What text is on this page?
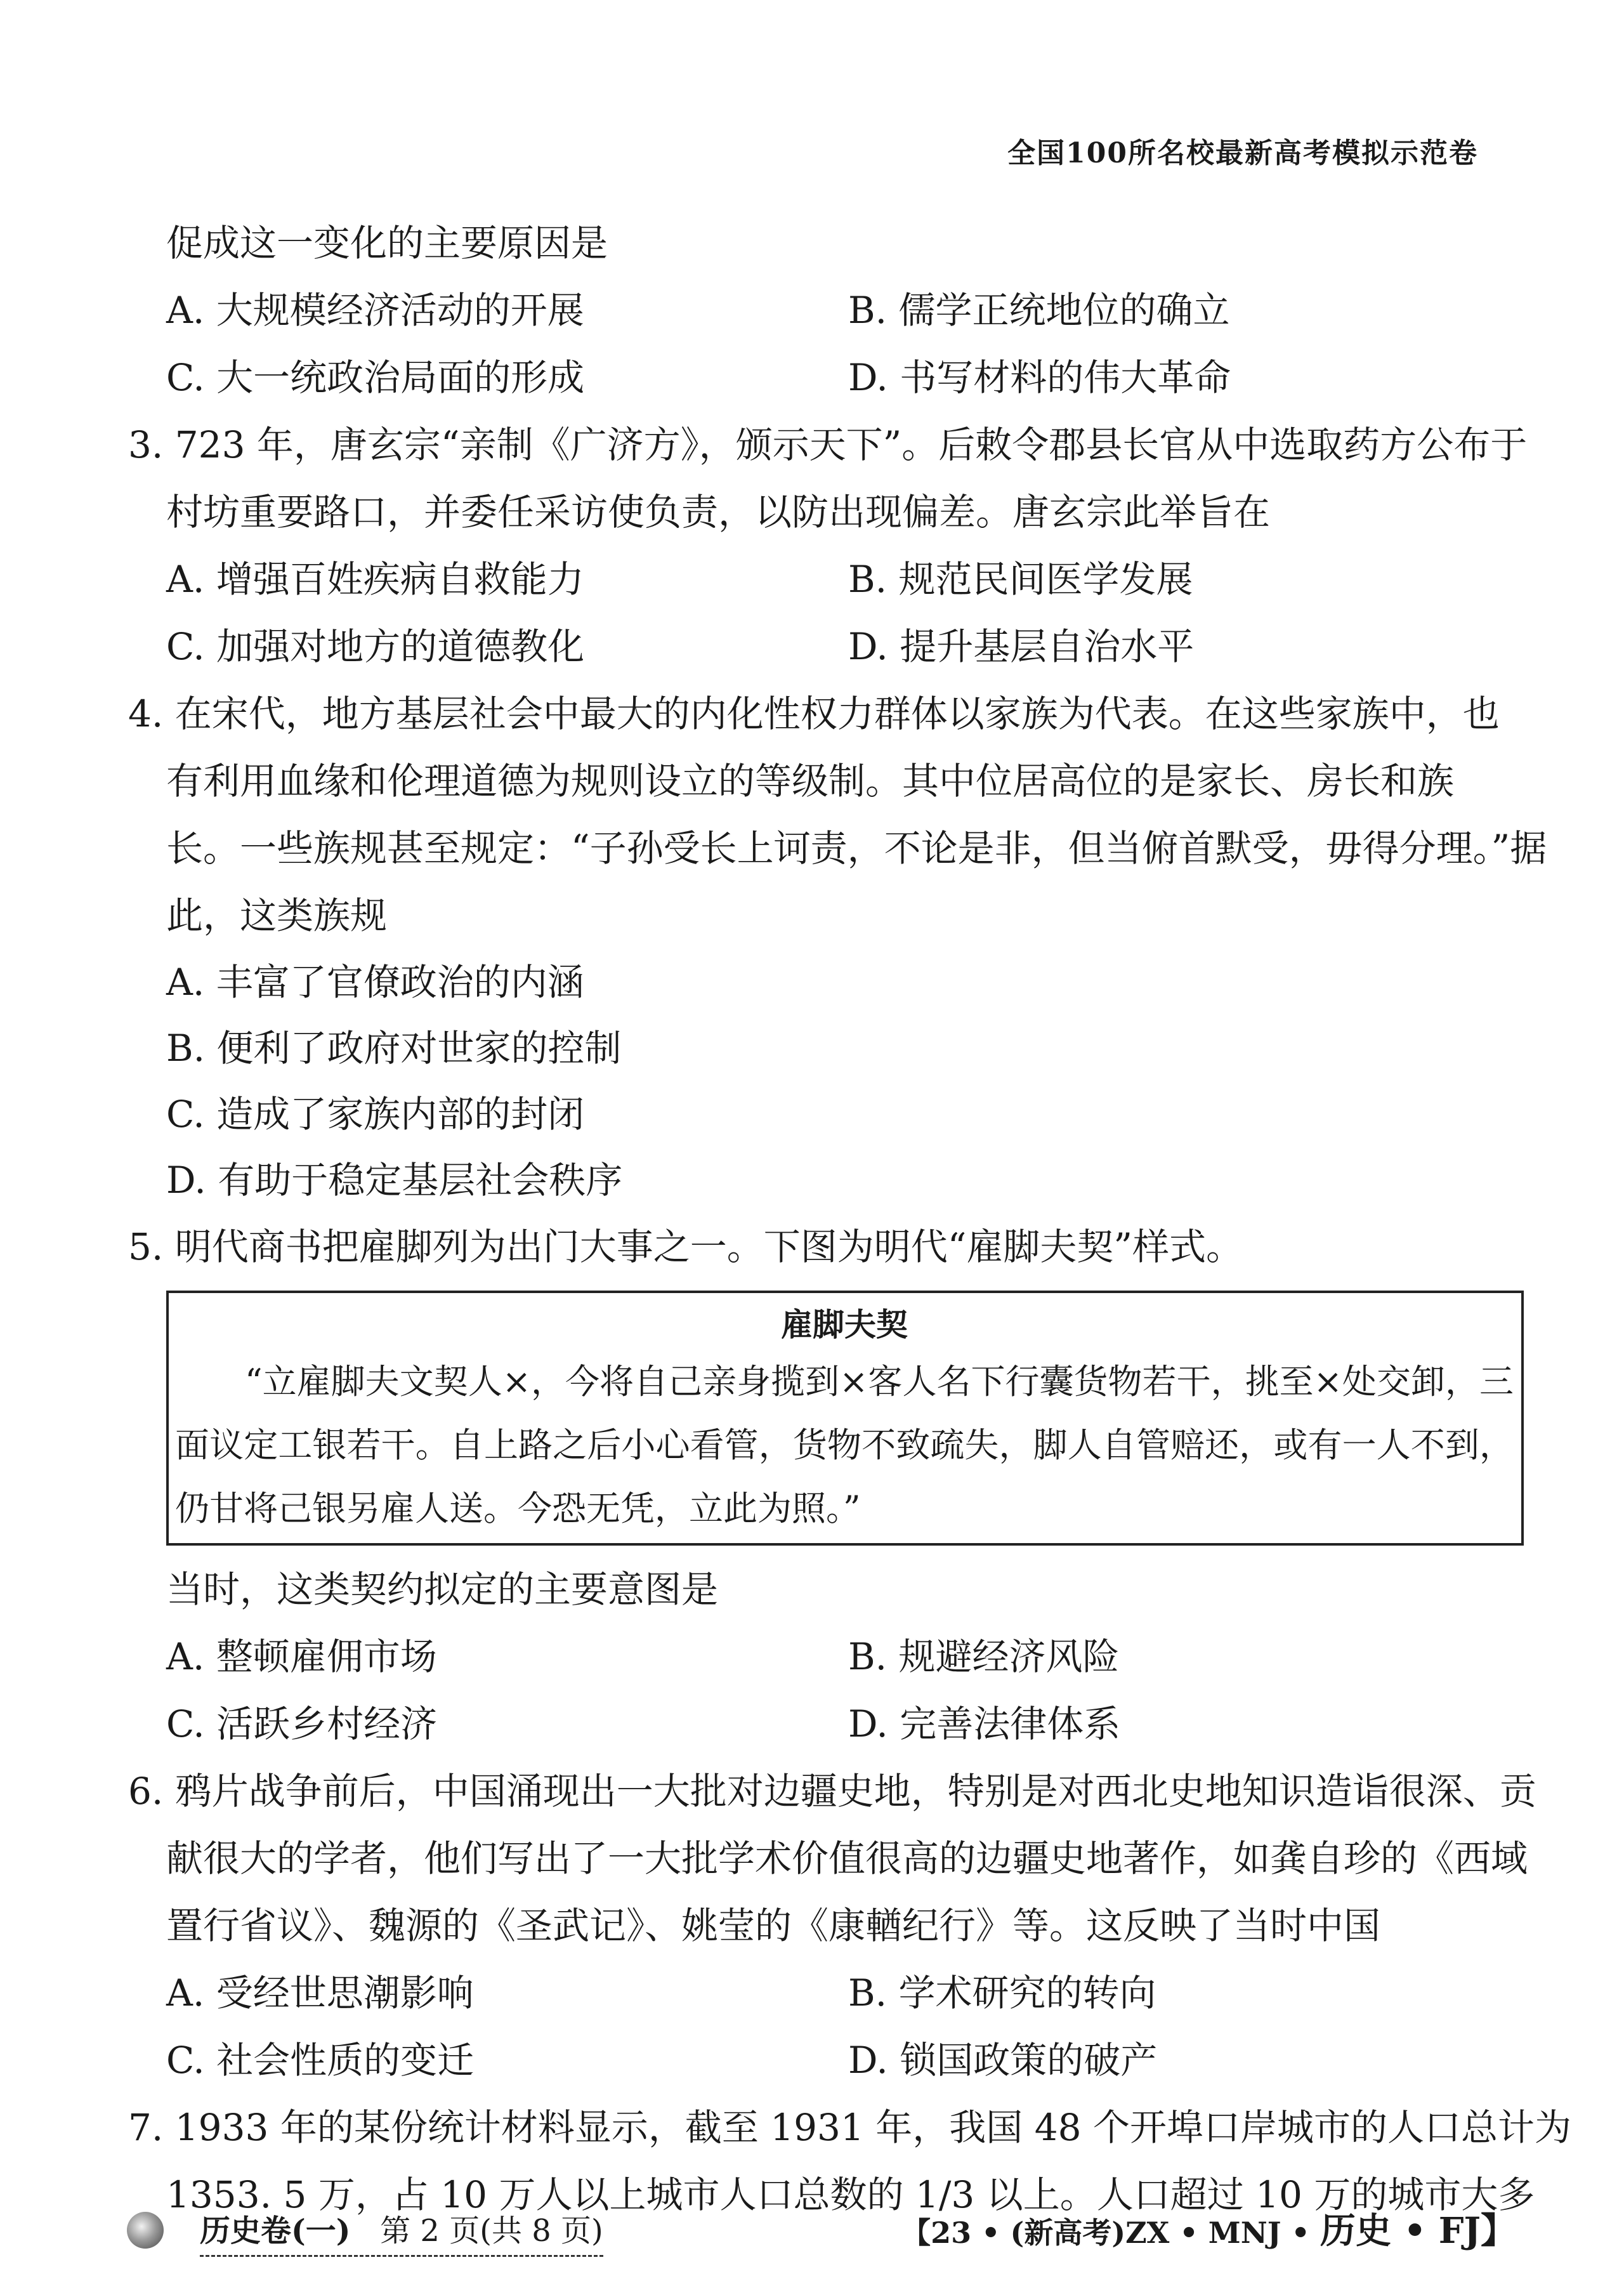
全国100所名校最新高考模拟示范卷
促成这一变化的主要原因是
A. 大规模经济活动的开展	B. 儒学正统地位的确立
C. 大一统政治局面的形成	D. 书写材料的伟大革命
3. 723 年，唐玄宗“亲制《广济方》，颁示天下”。后敕令郡县长官从中选取药方公布于
村坊重要路口，并委任采访使负责，以防出现偏差。唐玄宗此举旨在
A. 增强百姓疾病自救能力	B. 规范民间医学发展
C. 加强对地方的道德教化	D. 提升基层自治水平
4. 在宋代，地方基层社会中最大的内化性权力群体以家族为代表。在这些家族中，也
有利用血缘和伦理道德为规则设立的等级制。其中位居高位的是家长、房长和族
长。一些族规甚至规定：“子孙受长上诃责，不论是非，但当俯首默受，毋得分理。”据
此，这类族规
A. 丰富了官僚政治的内涵
B. 便利了政府对世家的控制
C. 造成了家族内部的封闭
D. 有助于稳定基层社会秩序
5. 明代商书把雇脚列为出门大事之一。下图为明代“雇脚夫契”样式。
雇脚夫契
“立雇脚夫文契人×，今将自己亲身揽到×客人名下行囊货物若干，挑至×处交卸，三面议定工银若干。自上路之后小心看管，货物不致疏失，脚人自管赔还，或有一人不到，仍甘将己银另雇人送。今恐无凭，立此为照。”
当时，这类契约拟定的主要意图是
A. 整顿雇佣市场	B. 规避经济风险
C. 活跃乡村经济	D. 完善法律体系
6. 鸦片战争前后，中国涌现出一大批对边疆史地，特别是对西北史地知识造诣很深、贡
献很大的学者，他们写出了一大批学术价值很高的边疆史地著作，如龚自珍的《西域
置行省议》、魏源的《圣武记》、姚莹的《康輶纪行》等。这反映了当时中国
A. 受经世思潮影响	B. 学术研究的转向
C. 社会性质的变迁	D. 锁国政策的破产
7. 1933 年的某份统计材料显示，截至 1931 年，我国 48 个开埠口岸城市的人口总计为
1353. 5 万，占 10 万人以上城市人口总数的 1/3 以上。人口超过 10 万的城市大多
历史卷(一) 第 2 页(共 8 页)	【23 • (新高考)ZX • MNJ • 历史 • FJ】
